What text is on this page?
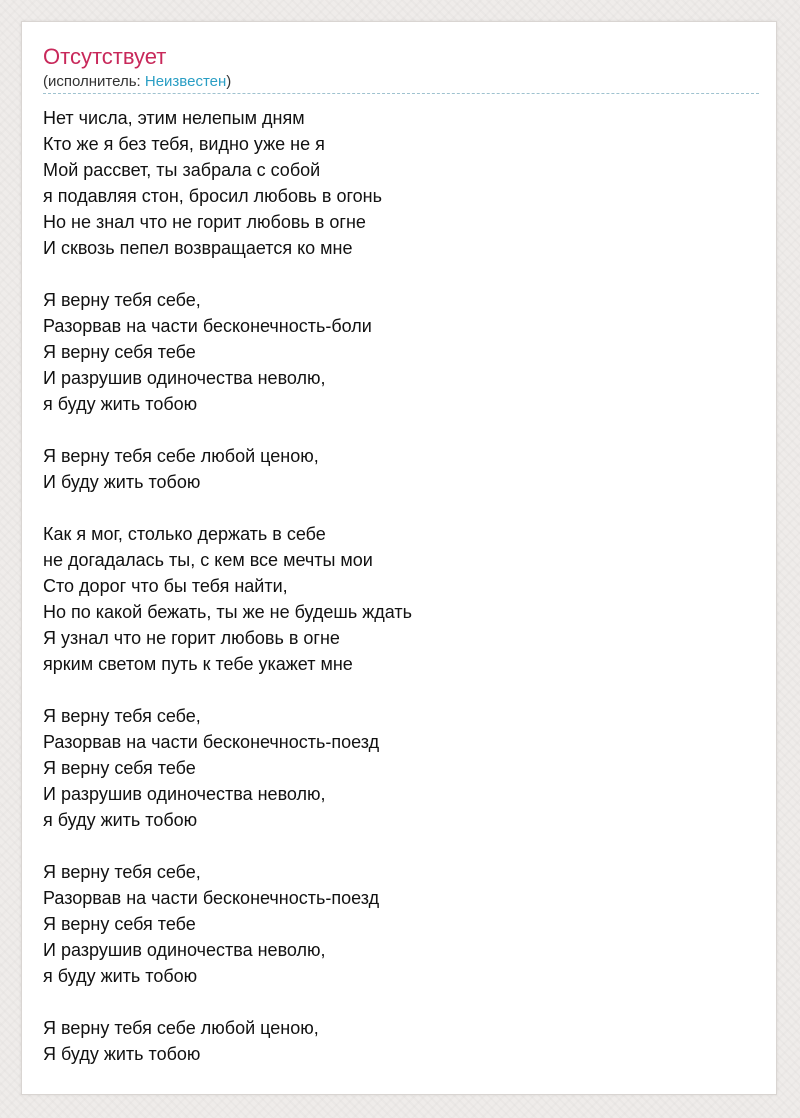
Отсутствует
(исполнитель: Неизвестен)
Нет числа, этим нелепым дням
Кто же я без тебя, видно уже не я
Мой рассвет, ты забрала с собой
я подавляя стон, бросил любовь в огонь
Но не знал что не горит любовь в огне
И сквозь пепел возвращается ко мне
Я верну тебя себе,
Разорвав на части бесконечность-боли
Я верну себя тебе
И разрушив одиночества неволю,
я буду жить тобою
Я верну тебя себе любой ценою,
И буду жить тобою
Как я мог, столько держать в себе
не догадалась ты, с кем все мечты мои
Сто дорог что бы тебя найти,
Но по какой бежать, ты же не будешь ждать
Я узнал что не горит любовь в огне
ярким светом путь к тебе укажет мне
Я верну тебя себе,
Разорвав на части бесконечность-поезд
Я верну себя тебе
И разрушив одиночества неволю,
я буду жить тобою
Я верну тебя себе,
Разорвав на части бесконечность-поезд
Я верну себя тебе
И разрушив одиночества неволю,
я буду жить тобою
Я верну тебя себе любой ценою,
Я буду жить тобою
